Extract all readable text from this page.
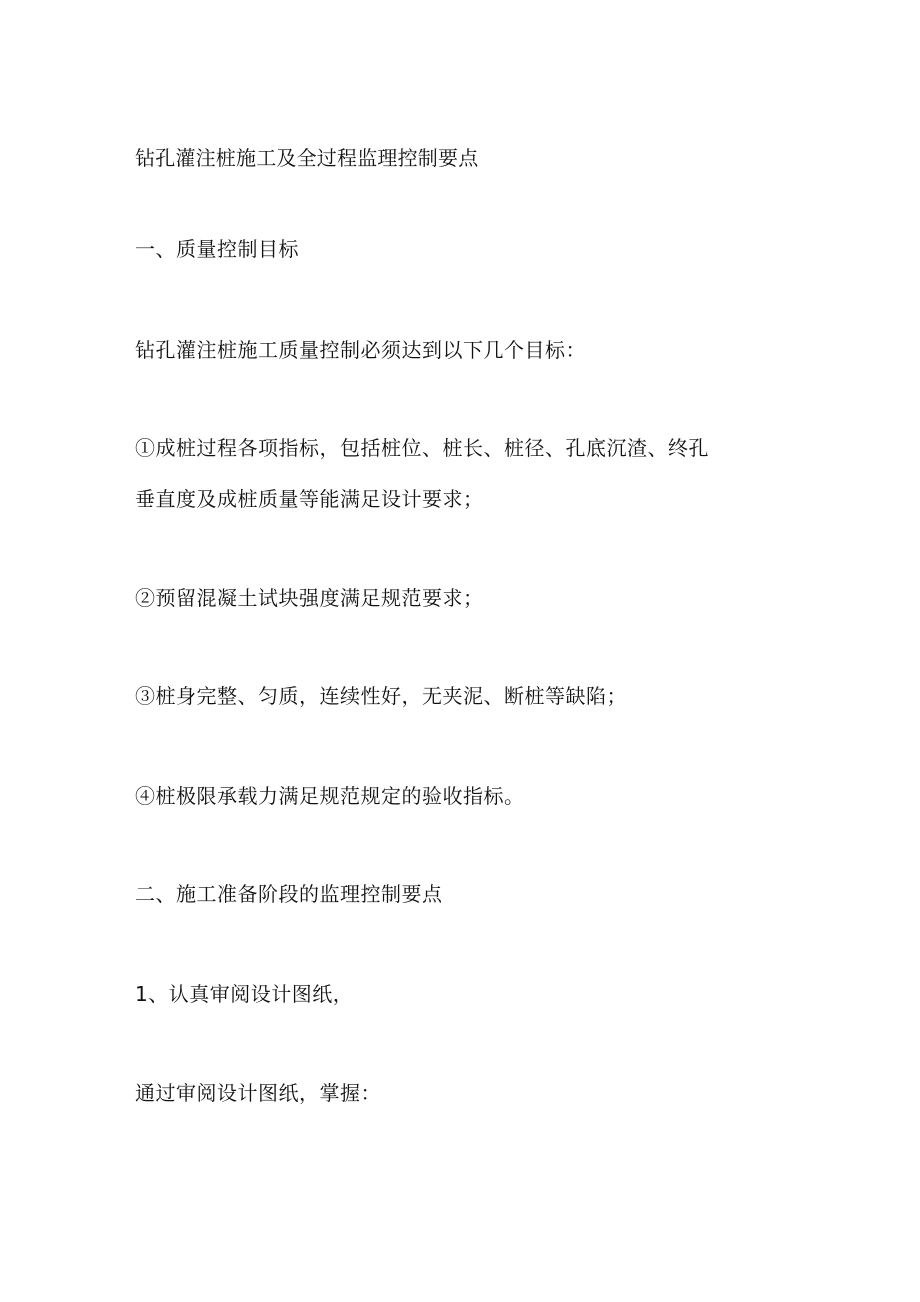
钻孔灌注桩施工及全过程监理控制要点
一、质量控制目标
钻孔灌注桩施工质量控制必须达到以下几个目标：
①成桩过程各项指标，包括桩位、桩长、桩径、孔底沉渣、终孔
垂直度及成桩质量等能满足设计要求；
②预留混凝土试块强度满足规范要求；
③桩身完整、匀质，连续性好，无夹泥、断桩等缺陷；
④桩极限承载力满足规范规定的验收指标。
二、施工准备阶段的监理控制要点
1、认真审阅设计图纸，
通过审阅设计图纸，掌握：
